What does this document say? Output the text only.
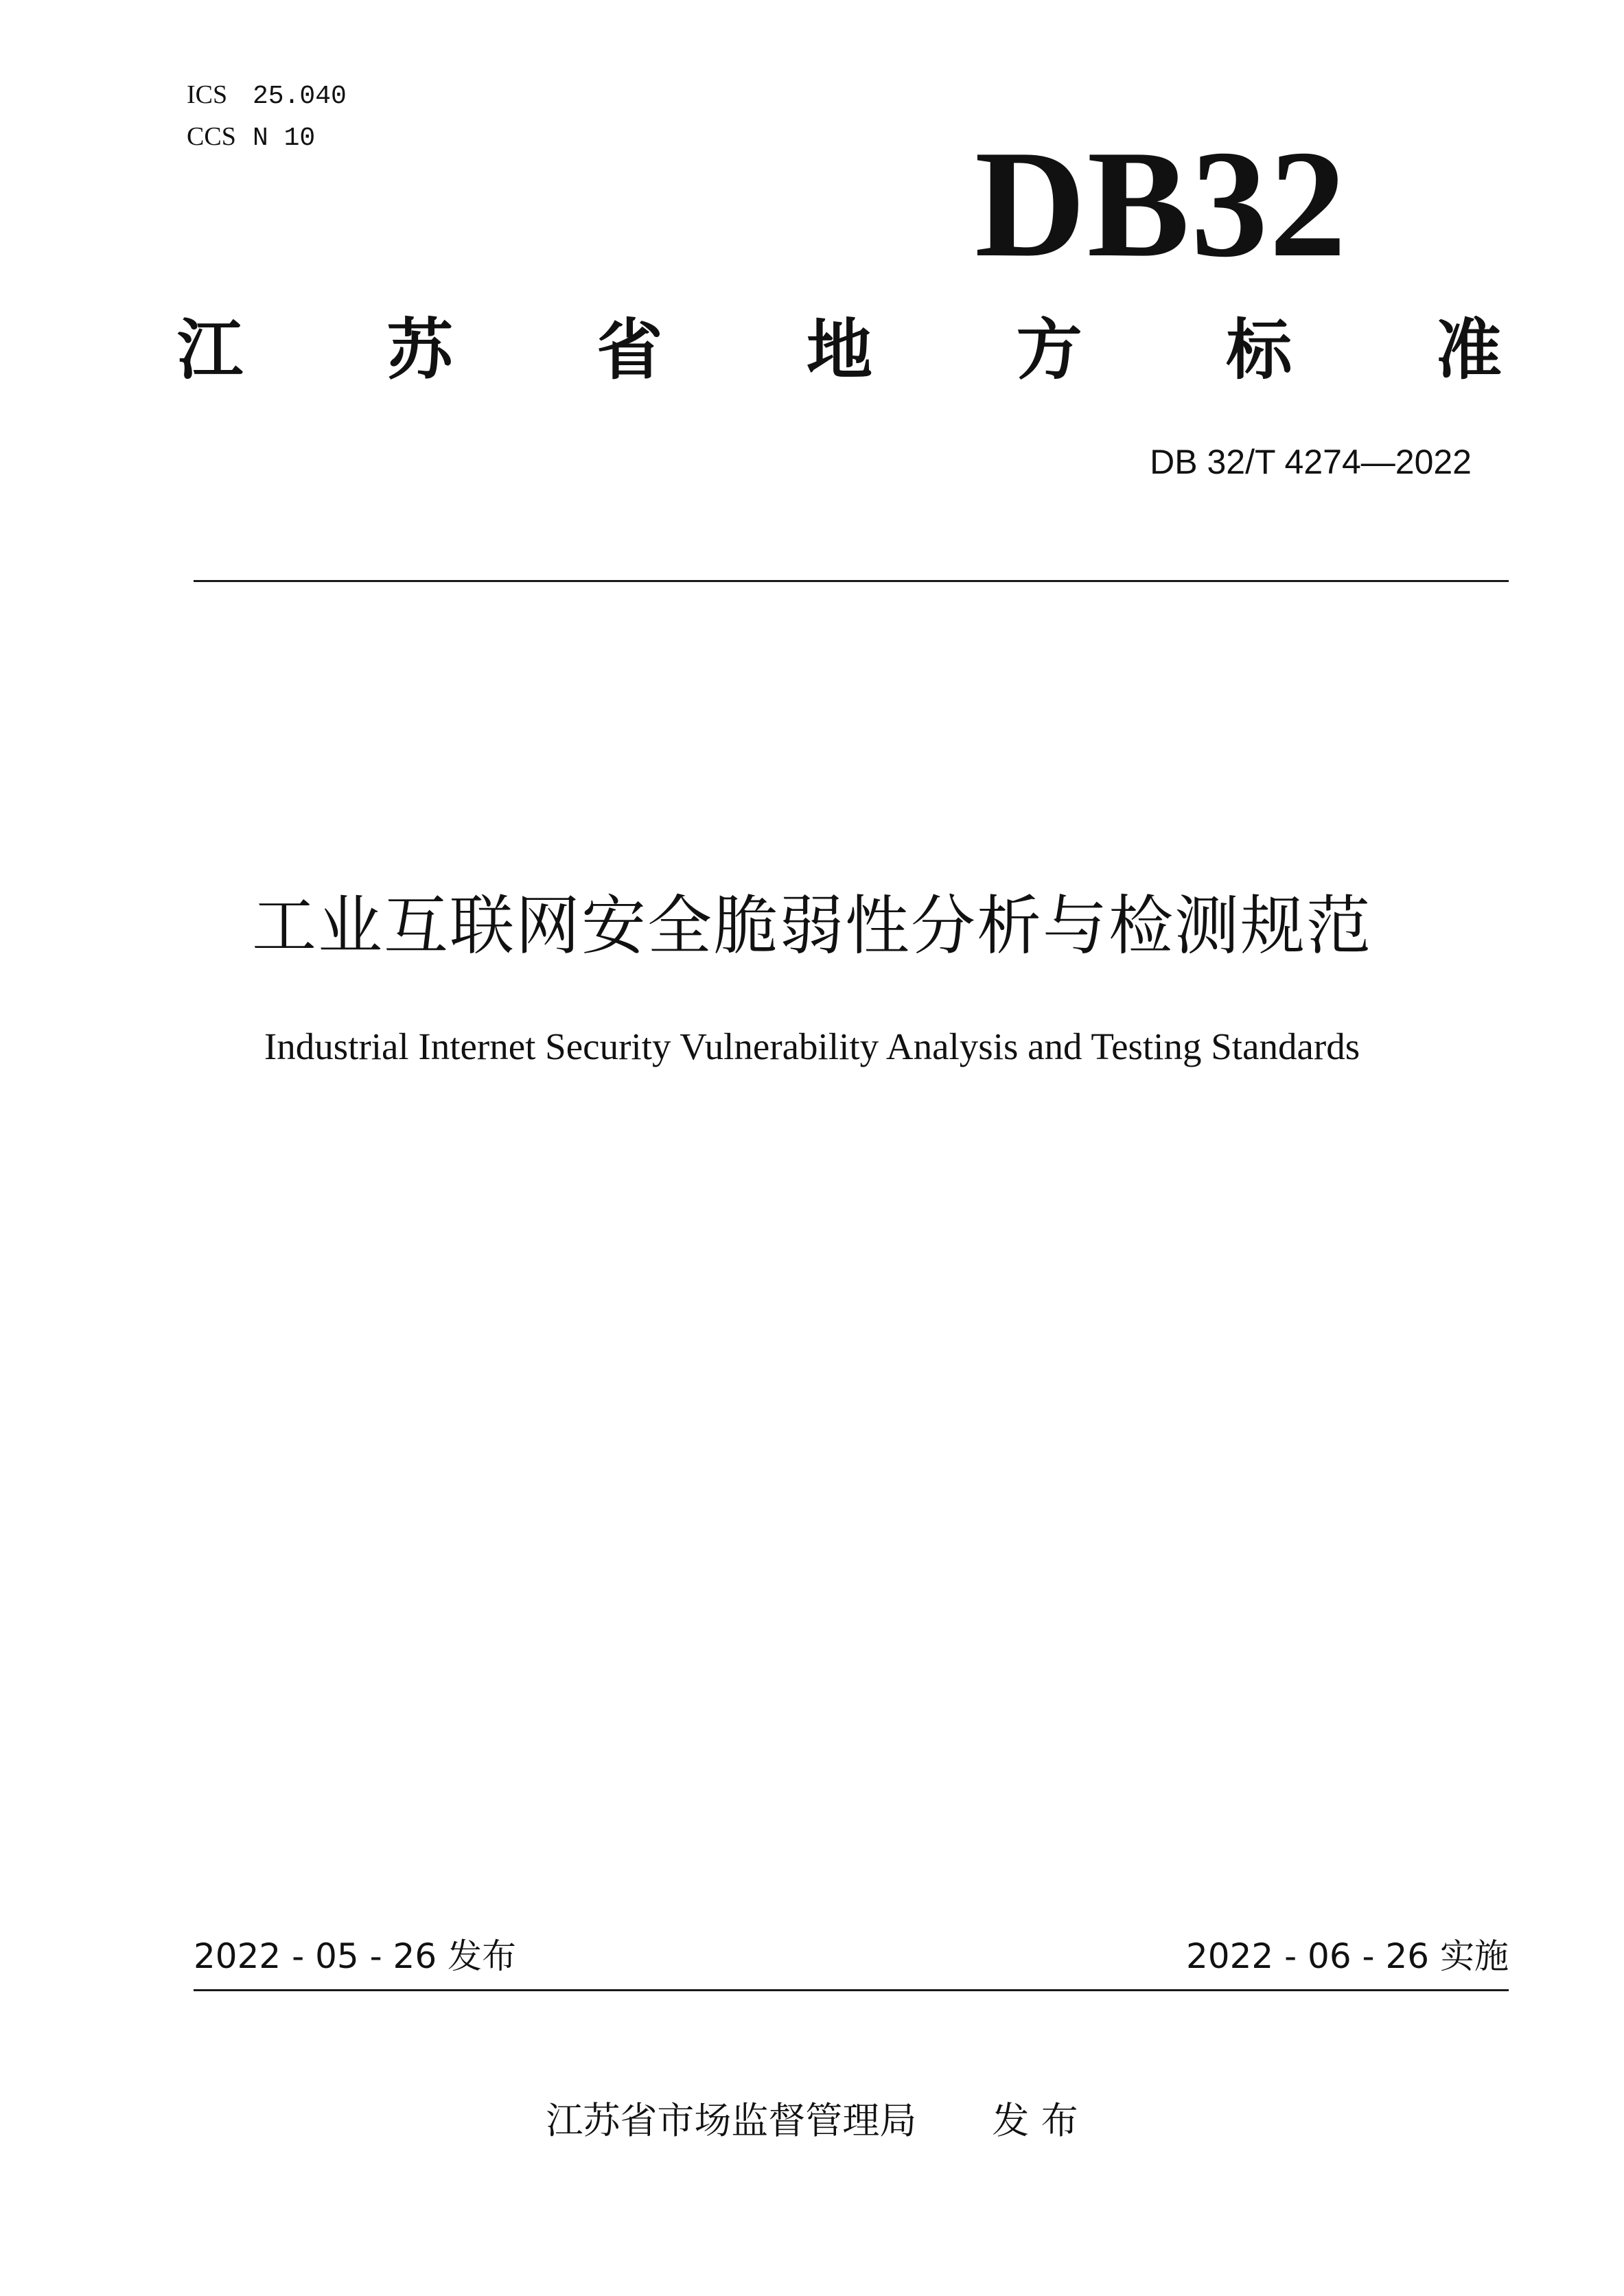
ICS 25.040
CCS N 10	DB32
江 苏 省 地 方 标 准
DB 32/T 4274—2022
工业互联网安全脆弱性分析与检测规范
Industrial Internet Security Vulnerability Analysis and Testing Standards
2022 - 05 - 26 发布	2022 - 06 - 26 实施
江苏省市场监督管理局 发 布
